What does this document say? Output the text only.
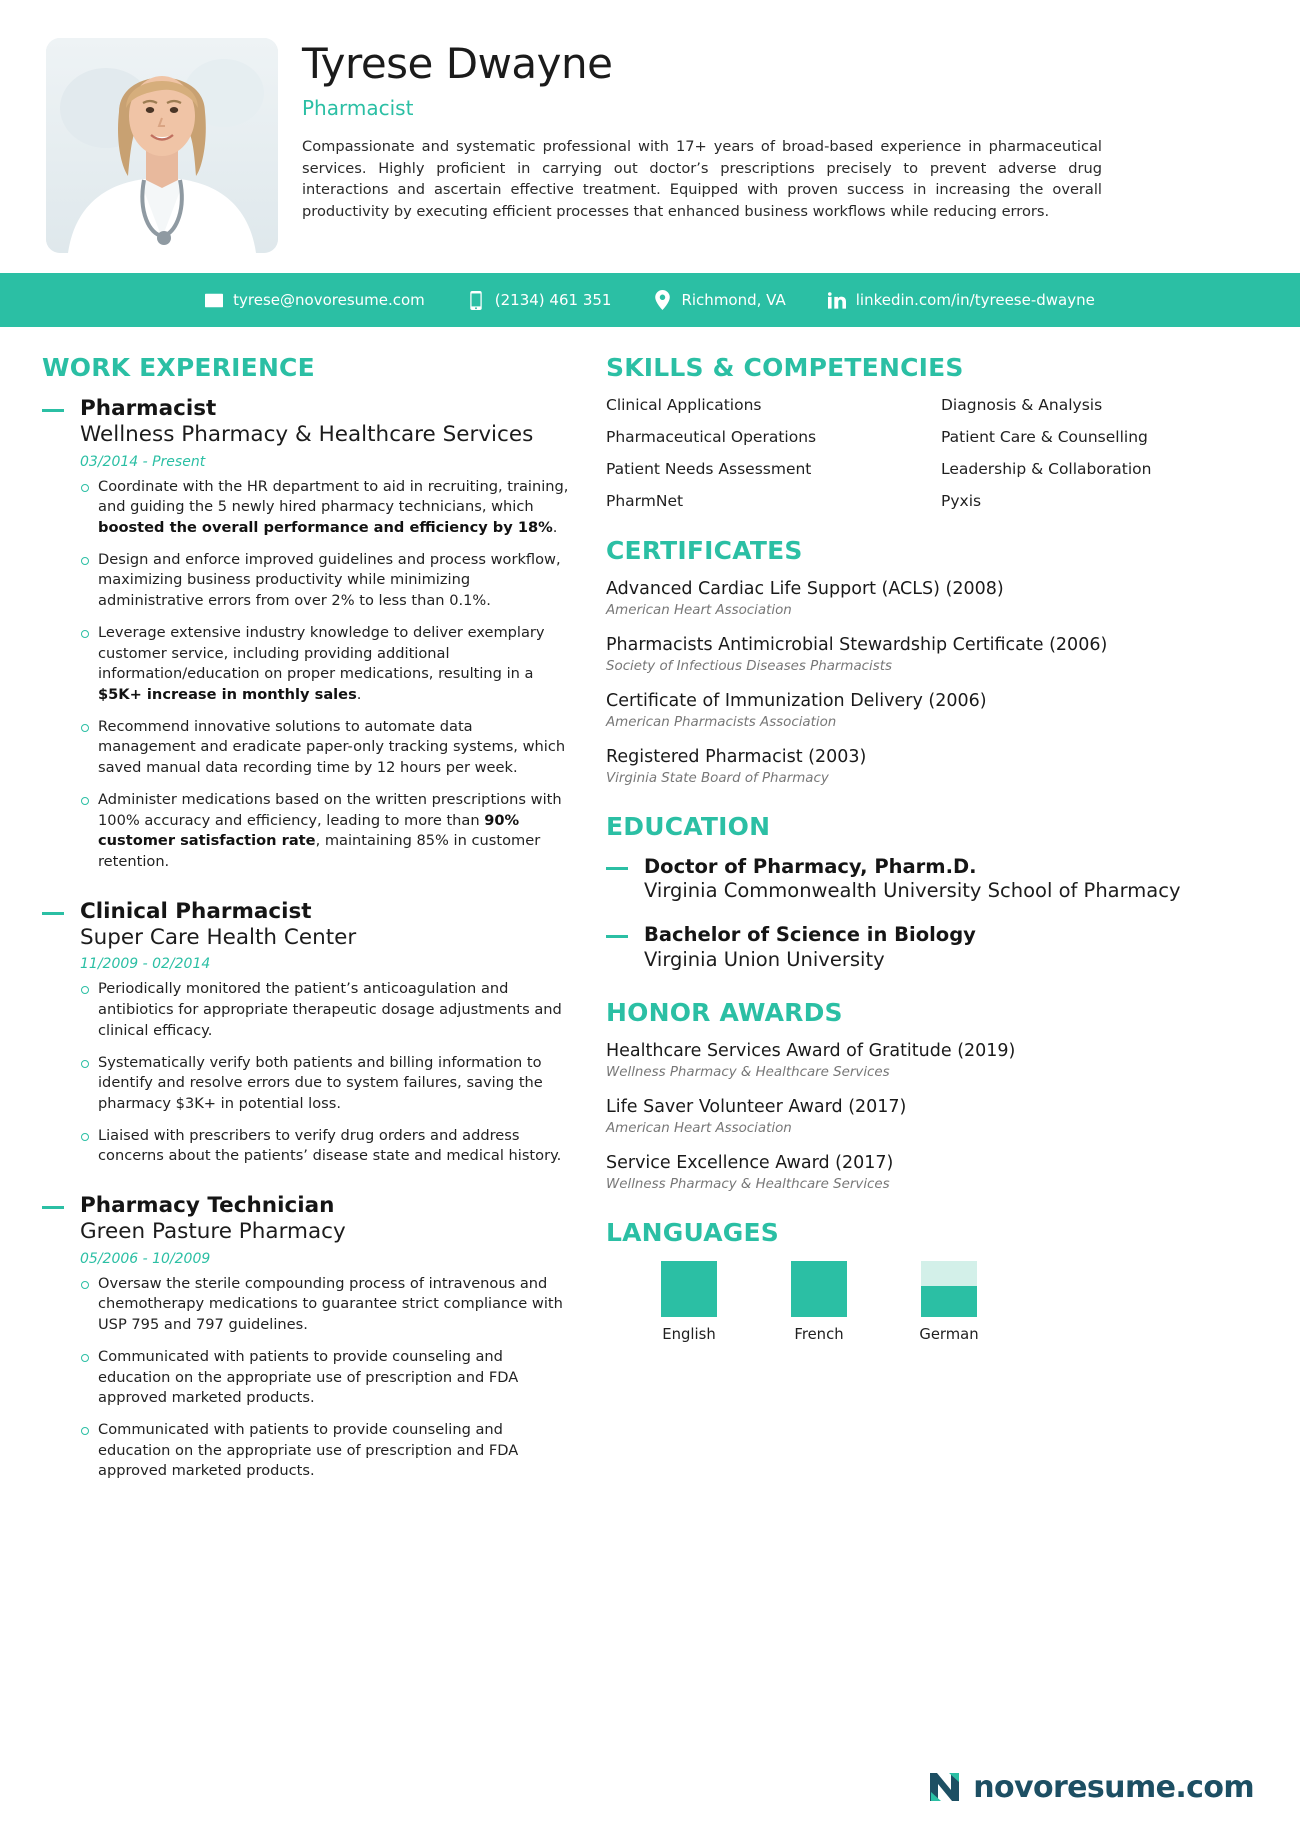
Tyrese Dwayne
Pharmacist
Compassionate and systematic professional with 17+ years of broad-based experience in pharmaceutical services. Highly proficient in carrying out doctor’s prescriptions precisely to prevent adverse drug interactions and ascertain effective treatment. Equipped with proven success in increasing the overall productivity by executing efficient processes that enhanced business workflows while reducing errors.
tyrese@novoresume.com	(2134) 461 351	Richmond, VA	linkedin.com/in/tyreese-dwayne
WORK EXPERIENCE
Pharmacist
Wellness Pharmacy & Healthcare Services
03/2014 - Present
Coordinate with the HR department to aid in recruiting, training, and guiding the 5 newly hired pharmacy technicians, which boosted the overall performance and efficiency by 18%.
Design and enforce improved guidelines and process workflow, maximizing business productivity while minimizing administrative errors from over 2% to less than 0.1%.
Leverage extensive industry knowledge to deliver exemplary customer service, including providing additional information/education on proper medications, resulting in a $5K+ increase in monthly sales.
Recommend innovative solutions to automate data management and eradicate paper-only tracking systems, which saved manual data recording time by 12 hours per week.
Administer medications based on the written prescriptions with 100% accuracy and efficiency, leading to more than 90% customer satisfaction rate, maintaining 85% in customer retention.
Clinical Pharmacist
Super Care Health Center
11/2009 - 02/2014
Periodically monitored the patient’s anticoagulation and antibiotics for appropriate therapeutic dosage adjustments and clinical efficacy.
Systematically verify both patients and billing information to identify and resolve errors due to system failures, saving the pharmacy $3K+ in potential loss.
Liaised with prescribers to verify drug orders and address concerns about the patients’ disease state and medical history.
Pharmacy Technician
Green Pasture Pharmacy
05/2006 - 10/2009
Oversaw the sterile compounding process of intravenous and chemotherapy medications to guarantee strict compliance with USP 795 and 797 guidelines.
Communicated with patients to provide counseling and education on the appropriate use of prescription and FDA approved marketed products.
Communicated with patients to provide counseling and education on the appropriate use of prescription and FDA approved marketed products.
SKILLS & COMPETENCIES
Clinical Applications	Diagnosis & Analysis
Pharmaceutical Operations	Patient Care & Counselling
Patient Needs Assessment	Leadership & Collaboration
PharmNet	Pyxis
CERTIFICATES
Advanced Cardiac Life Support (ACLS) (2008)
American Heart Association
Pharmacists Antimicrobial Stewardship Certificate (2006)
Society of Infectious Diseases Pharmacists
Certificate of Immunization Delivery (2006)
American Pharmacists Association
Registered Pharmacist (2003)
Virginia State Board of Pharmacy
EDUCATION
Doctor of Pharmacy, Pharm.D.
Virginia Commonwealth University School of Pharmacy
Bachelor of Science in Biology
Virginia Union University
HONOR AWARDS
Healthcare Services Award of Gratitude (2019)
Wellness Pharmacy & Healthcare Services
Life Saver Volunteer Award (2017)
American Heart Association
Service Excellence Award (2017)
Wellness Pharmacy & Healthcare Services
LANGUAGES
English	French	German
novoresume.com
